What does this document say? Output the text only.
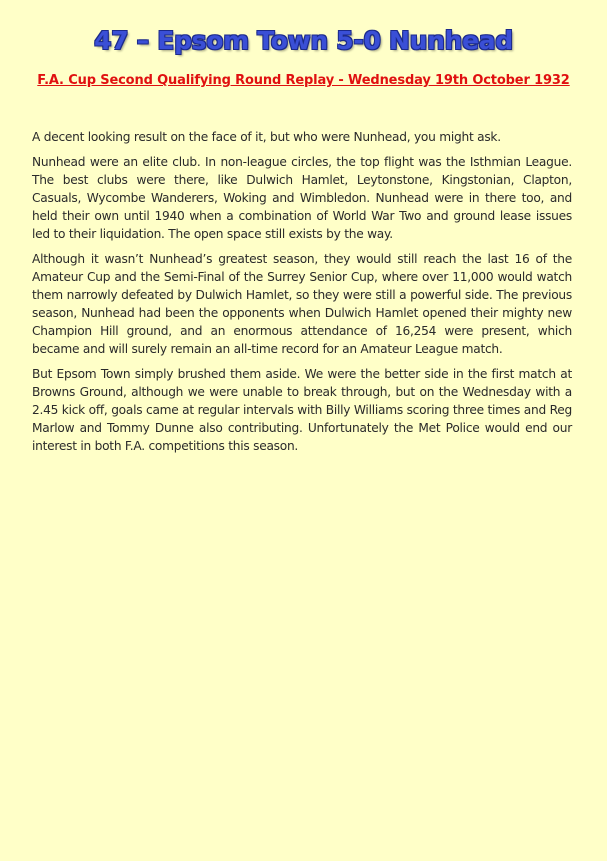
47 – Epsom Town 5-0 Nunhead
F.A. Cup Second Qualifying Round Replay - Wednesday 19th October 1932

A decent looking result on the face of it, but who were Nunhead, you might ask.

Nunhead were an elite club. In non-league circles, the top flight was the Isthmian League. The best clubs were there, like Dulwich Hamlet, Leytonstone, Kingstonian, Clapton, Casuals, Wycombe Wanderers, Woking and Wimbledon. Nunhead were in there too, and held their own until 1940 when a combination of World War Two and ground lease issues led to their liquidation. The open space still exists by the way.

Although it wasn’t Nunhead’s greatest season, they would still reach the last 16 of the Amateur Cup and the Semi-Final of the Surrey Senior Cup, where over 11,000 would watch them narrowly defeated by Dulwich Hamlet, so they were still a powerful side. The previous season, Nunhead had been the opponents when Dulwich Hamlet opened their mighty new Champion Hill ground, and an enormous attendance of 16,254 were present, which became and will surely remain an all-time record for an Amateur League match.

But Epsom Town simply brushed them aside. We were the better side in the first match at Browns Ground, although we were unable to break through, but on the Wednesday with a 2.45 kick off, goals came at regular intervals with Billy Williams scoring three times and Reg Marlow and Tommy Dunne also contributing. Unfortunately the Met Police would end our interest in both F.A. competitions this season.
